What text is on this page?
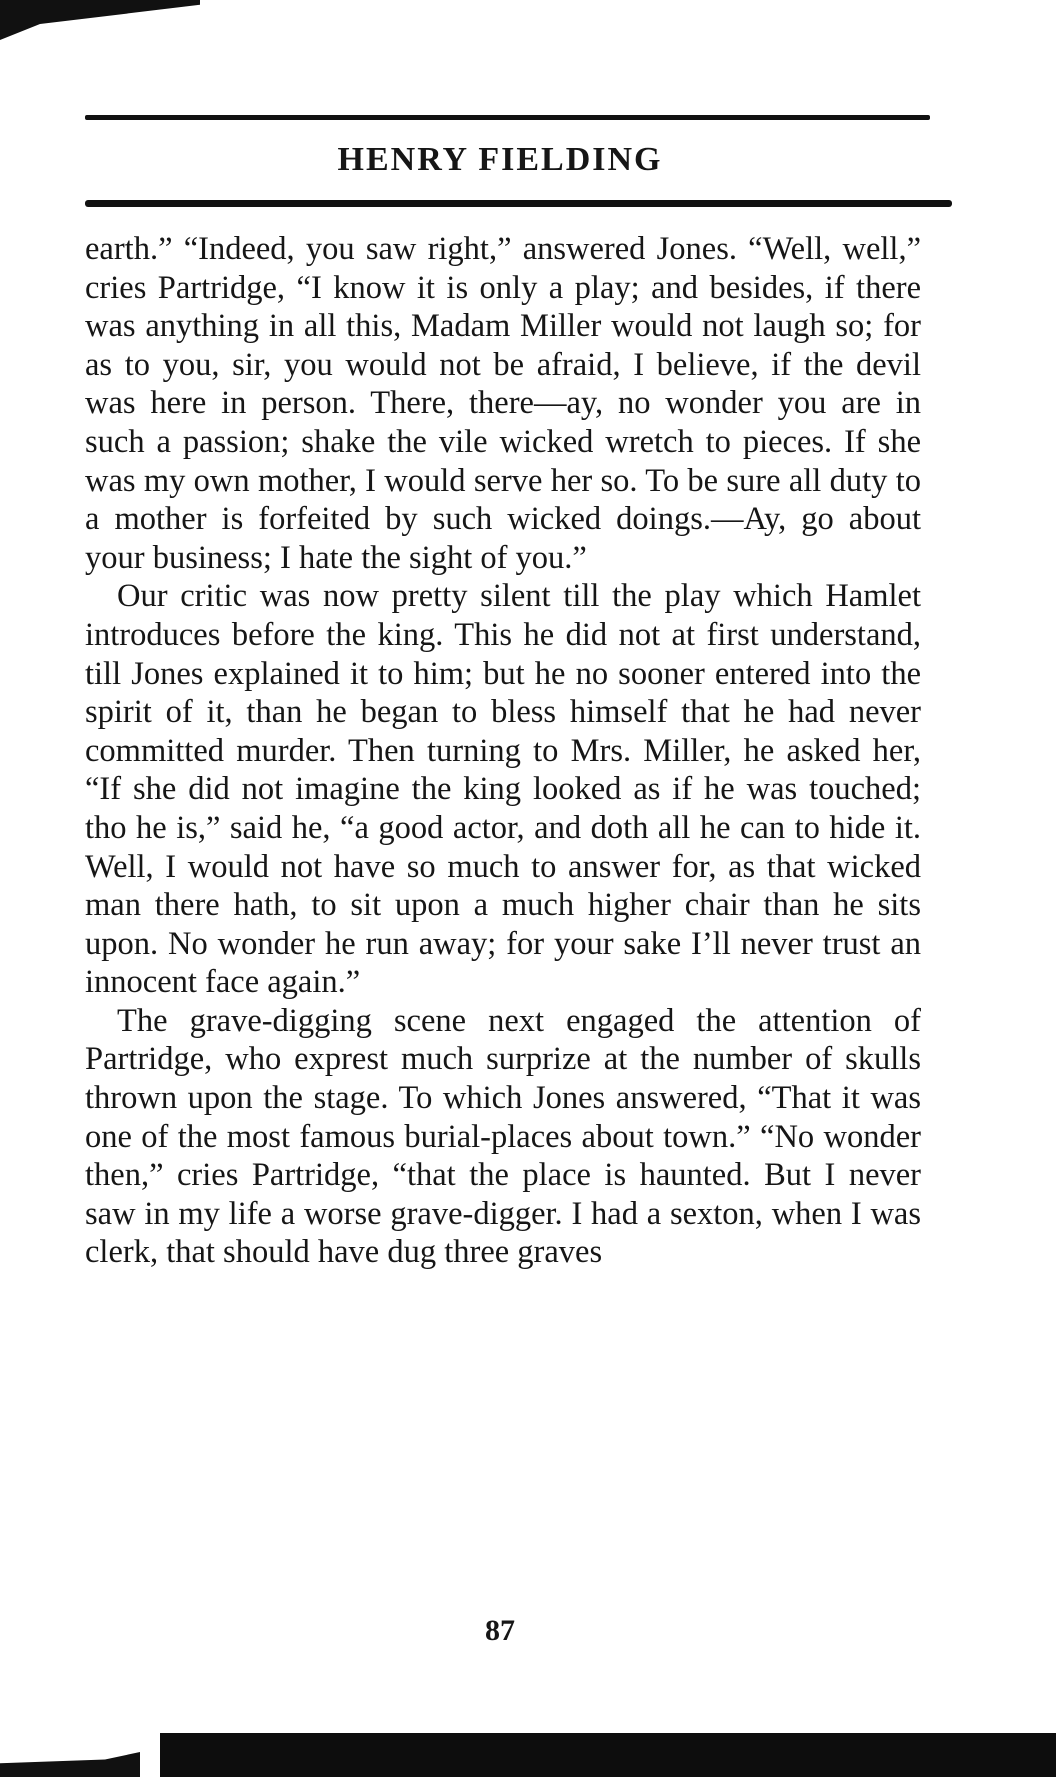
HENRY FIELDING

earth.” “Indeed, you saw right,” answered Jones. “Well, well,” cries Partridge, “I know it is only a play; and besides, if there was anything in all this, Madam Miller would not laugh so; for as to you, sir, you would not be afraid, I believe, if the devil was here in person. There, there—ay, no wonder you are in such a passion; shake the vile wicked wretch to pieces. If she was my own mother, I would serve her so. To be sure all duty to a mother is forfeited by such wicked doings.—Ay, go about your business; I hate the sight of you.”

Our critic was now pretty silent till the play which Hamlet introduces before the king. This he did not at first understand, till Jones explained it to him; but he no sooner entered into the spirit of it, than he began to bless himself that he had never committed murder. Then turning to Mrs. Miller, he asked her, “If she did not imagine the king looked as if he was touched; tho he is,” said he, “a good actor, and doth all he can to hide it. Well, I would not have so much to answer for, as that wicked man there hath, to sit upon a much higher chair than he sits upon. No wonder he run away; for your sake I’ll never trust an innocent face again.”

The grave-digging scene next engaged the attention of Partridge, who exprest much surprize at the number of skulls thrown upon the stage. To which Jones answered, “That it was one of the most famous burial-places about town.” “No wonder then,” cries Partridge, “that the place is haunted. But I never saw in my life a worse grave-digger. I had a sexton, when I was clerk, that should have dug three graves

87
